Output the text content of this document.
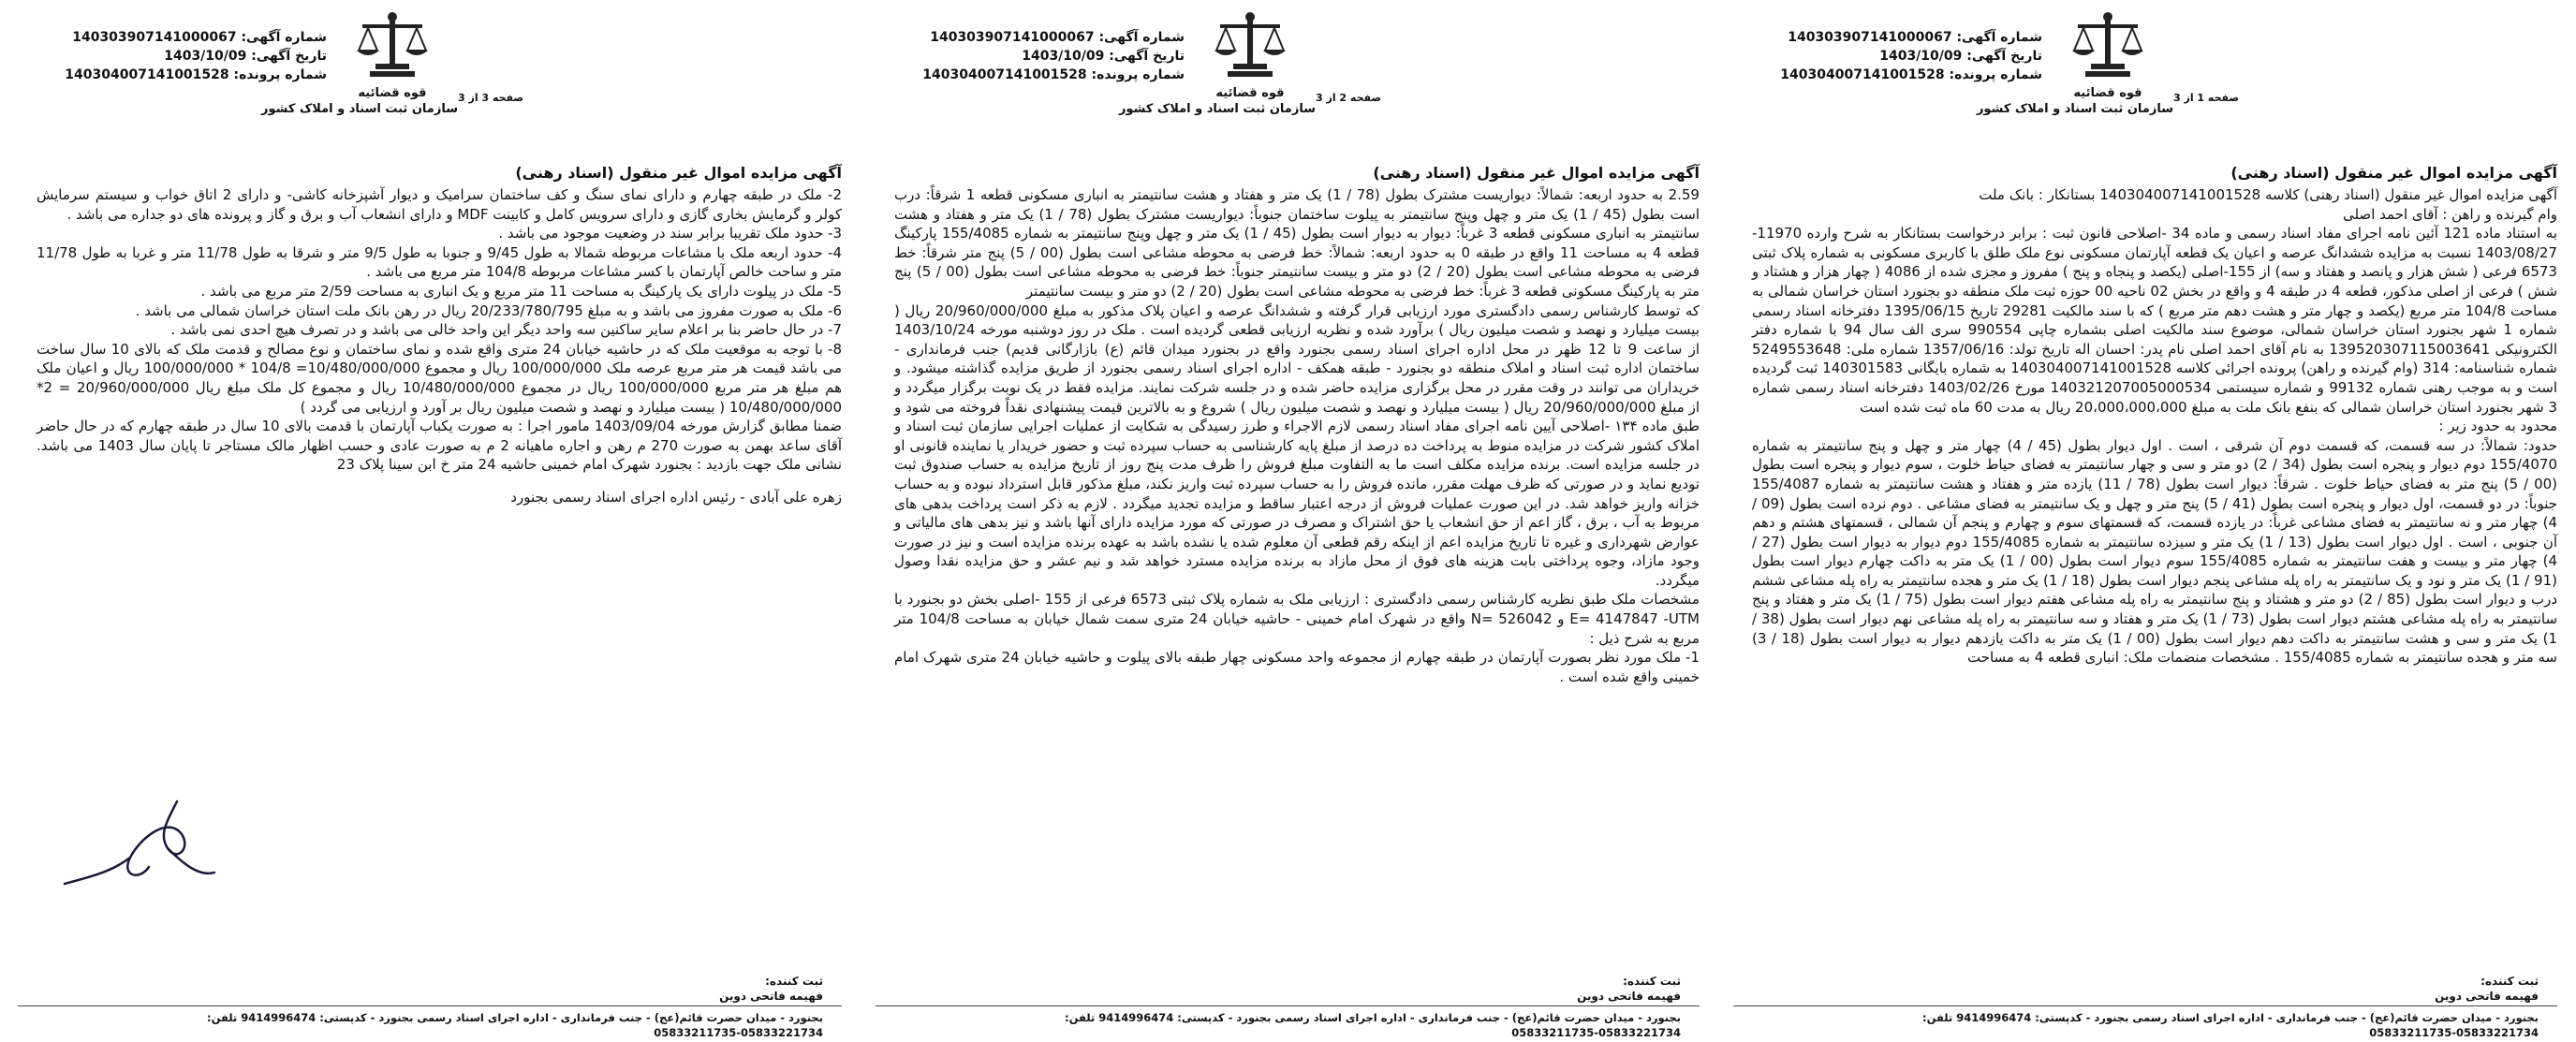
شماره آگهی: 140303907141000067
تاریخ آگهی: 1403/10/09
شماره پرونده: 140304007141001528
قوه قضائیه
سازمان ثبت اسناد و املاک کشور
صفحه 1 از 3
آگهی مزایده اموال غیر منقول (اسناد رهنی)

آگهی مزایده اموال غیر منقول (اسناد رهنی) کلاسه 140304007141001528 بستانکار : بانک ملت

وام گیرنده و راهن : آقای احمد اصلی

به استناد ماده 121 آئین نامه اجرای مفاد اسناد رسمی و ماده 34 -اصلاحی قانون ثبت : برابر درخواست بستانکار به شرح وارده 11970- 1403/08/27 نسبت به مزایده ششدانگ عرصه و اعیان یک قطعه آپارتمان مسکونی نوع ملک طلق با کاربری مسکونی به شماره پلاک ثبتی 6573 فرعی ( شش هزار و پانصد و هفتاد و سه) از 155-اصلی (یکصد و پنجاه و پنج ) مفروز و مجزی شده از 4086 ( چهار هزار و هشتاد و شش ) فرعی از اصلی مذکور، قطعه 4 در طبقه 4 و واقع در بخش 02 ناحیه 00 حوزه ثبت ملک منطقه دو بجنورد استان خراسان شمالی به مساحت 104/8 متر مربع (یکصد و چهار متر و هشت دهم متر مربع ) که با سند مالکیت 29281 تاریخ 1395/06/15 دفترخانه اسناد رسمی شماره 1 شهر بجنورد استان خراسان شمالی، موضوع سند مالکیت اصلی بشماره چاپی 990554 سری الف سال 94 با شماره دفتر الکترونیکی 139520307115003641 به نام آقای احمد اصلی نام پدر: احسان اله تاریخ تولد: 1357/06/16 شماره ملی: 5249553648 شماره شناسنامه: 314 (وام گیرنده و راهن) پرونده اجرائی کلاسه 140304007141001528 به شماره بایگانی 140301583 ثبت گردیده است و به موجب رهنی شماره 99132 و شماره سیستمی 140321207005000534 مورخ 1403/02/26 دفترخانه اسناد رسمی شماره 3 شهر بجنورد استان خراسان شمالی که بنفع بانک ملت به مبلغ 20،000،000،000 ریال به مدت 60 ماه ثبت شده است

محدود به حدود زیر :

حدود: شمالاً: در سه قسمت، که قسمت دوم آن شرقی ، است . اول دیوار بطول (45 / 4) چهار متر و چهل و پنج سانتیمتر به شماره 155/4070 دوم دیوار و پنجره است بطول (34 / 2) دو متر و سی و چهار سانتیمتر به فضای حیاط خلوت ، سوم دیوار و پنجره است بطول (00 / 5) پنج متر به فضای حیاط خلوت . شرقاً: دیوار است بطول (78 / 11) یازده متر و هفتاد و هشت سانتیمتر به شماره 155/4087 جنوباً: در دو قسمت، اول دیوار و پنجره است بطول (41 / 5) پنج متر و چهل و یک سانتیمتر به فضای مشاعی . دوم نرده است بطول (09 / 4) چهار متر و نه سانتیمتر به فضای مشاعی غرباً: در یازده قسمت، که قسمتهای سوم و چهارم و پنجم آن شمالی ، قسمتهای هشتم و دهم آن جنوبی ، است . اول دیوار است بطول (13 / 1) یک متر و سیزده سانتیمتر به شماره 155/4085 دوم دیوار به دیوار است بطول (27 / 4) چهار متر و بیست و هفت سانتیمتر به شماره 155/4085 سوم دیوار است بطول (00 / 1) یک متر به داکت چهارم دیوار است بطول (91 / 1) یک متر و نود و یک سانتیمتر به راه پله مشاعی پنجم دیوار است بطول (18 / 1) یک متر و هجده سانتیمتر به راه پله مشاعی ششم درب و دیوار است بطول (85 / 2) دو متر و هشتاد و پنج سانتیمتر به راه پله مشاعی هفتم دیوار است بطول (75 / 1) یک متر و هفتاد و پنج سانتیمتر به راه پله مشاعی هشتم دیوار است بطول (73 / 1) یک متر و هفتاد و سه سانتیمتر به راه پله مشاعی نهم دیوار است بطول (38 / 1) یک متر و سی و هشت سانتیمتر به داکت دهم دیوار است بطول (00 / 1) یک متر به داکت یازدهم دیوار به دیوار است بطول (18 / 3) سه متر و هجده سانتیمتر به شماره 155/4085 . مشخصات منضمات ملک: انباری قطعه 4 به مساحت

ثبت کننده:
فهیمه فاتحی دوین
بجنورد - میدان حضرت قائم(عج) - جنب فرمانداری - اداره اجرای اسناد رسمی بجنورد - کدپستی: 9414996474 تلفن:
05833211735-05833221734
شماره آگهی: 140303907141000067
تاریخ آگهی: 1403/10/09
شماره پرونده: 140304007141001528
قوه قضائیه
سازمان ثبت اسناد و املاک کشور
صفحه 2 از 3
آگهی مزایده اموال غیر منقول (اسناد رهنی)

2.59 به حدود اربعه: شمالاً: دیواریست مشترک بطول (78 / 1) یک متر و هفتاد و هشت سانتیمتر به انباری مسکونی قطعه 1 شرقاً: درب است بطول (45 / 1) یک متر و چهل وپنج سانتیمتر به پیلوت ساختمان جنوباً: دیواریست مشترک بطول (78 / 1) یک متر و هفتاد و هشت سانتیمتر به انباری مسکونی قطعه 3 غرباً: دیوار به دیوار است بطول (45 / 1) یک متر و چهل وپنج سانتیمتر به شماره 155/4085 پارکینگ قطعه 4 به مساحت 11 واقع در طبقه 0 به حدود اربعه: شمالاً: خط فرضی به محوطه مشاعی است بطول (00 / 5) پنج متر شرقاً: خط فرضی به محوطه مشاعی است بطول (20 / 2) دو متر و بیست سانتیمتر جنوباً: خط فرضی به محوطه مشاعی است بطول (00 / 5) پنج متر به پارکینگ مسکونی قطعه 3 غرباً: خط فرضی به محوطه مشاعی است بطول (20 / 2) دو متر و بیست سانتیمتر

که توسط کارشناس رسمی دادگستری مورد ارزیابی قرار گرفته و ششدانگ عرصه و اعیان پلاک مذکور به مبلغ 20/960/000/000 ریال ( بیست میلیارد و نهصد و شصت میلیون ریال ) برآورد شده و نظریه ارزیابی قطعی گردیده است . ملک در روز دوشنبه مورخه 1403/10/24 از ساعت 9 تا 12 ظهر در محل اداره اجرای اسناد رسمی بجنورد واقع در بجنورد میدان قائم (ع) بازارگانی قدیم) جنب فرمانداری - ساختمان اداره ثبت اسناد و املاک منطقه دو بجنورد - طبقه همکف - اداره اجرای اسناد رسمی بجنورد از طریق مزایده گذاشته میشود. و خریداران می توانند در وقت مقرر در محل برگزاری مزایده حاضر شده و در جلسه شرکت نمایند. مزایده فقط در یک نوبت برگزار میگردد و از مبلغ 20/960/000/000 ریال ( بیست میلیارد و نهصد و شصت میلیون ریال ) شروع و به بالاترین قیمت پیشنهادی نقداً فروخته می شود و طبق ماده ۱۳۴ -اصلاحی آیین نامه اجرای مفاد اسناد رسمی لازم الاجراء و طرز رسیدگی به شکایت از عملیات اجرایی سازمان ثبت اسناد و املاک کشور شرکت در مزایده منوط به پرداخت ده درصد از مبلغ پایه کارشناسی به حساب سپرده ثبت و حضور خریدار یا نماینده قانونی او در جلسه مزایده است. برنده مزایده مکلف است ما به التفاوت مبلغ فروش را ظرف مدت پنج روز از تاریخ مزایده به حساب صندوق ثبت تودیع نماید و در صورتی که ظرف مهلت مقرر، مانده فروش را به حساب سپرده ثبت واریز نکند، مبلغ مذکور قابل استرداد نبوده و به حساب خزانه واریز خواهد شد. در این صورت عملیات فروش از درجه اعتبار ساقط و مزایده تجدید میگردد . لازم به ذکر است پرداخت بدهی های مربوط به آب ، برق ، گاز اعم از حق انشعاب یا حق اشتراک و مصرف در صورتی که مورد مزایده دارای آنها باشد و نیز بدهی های مالیاتی و عوارض شهرداری و غیره تا تاریخ مزایده اعم از اینکه رقم قطعی آن معلوم شده یا نشده باشد به عهده برنده مزایده است و نیز در صورت وجود مازاد، وجوه پرداختی بابت هزینه های فوق از محل مازاد به برنده مزایده مسترد خواهد شد و نیم عشر و حق مزایده نقدا وصول میگردد.

مشخصات ملک طبق نظریه کارشناس رسمی دادگستری : ارزیابی ملک به شماره پلاک ثبتی 6573 فرعی از 155 -اصلی بخش دو بجنورد با E= 4147847 -UTM و N= 526042 واقع در شهرک امام خمینی - حاشیه خیابان 24 متری سمت شمال خیابان به مساحت 104/8 متر مربع به شرح ذیل :

1- ملک مورد نظر بصورت آپارتمان در طبقه چهارم از مجموعه واحد مسکونی چهار طبقه بالای پیلوت و حاشیه خیابان 24 متری شهرک امام خمینی واقع شده است .

ثبت کننده:
فهیمه فاتحی دوین
بجنورد - میدان حضرت قائم(عج) - جنب فرمانداری - اداره اجرای اسناد رسمی بجنورد - کدپستی: 9414996474 تلفن:
05833211735-05833221734
شماره آگهی: 140303907141000067
تاریخ آگهی: 1403/10/09
شماره پرونده: 140304007141001528
قوه قضائیه
سازمان ثبت اسناد و املاک کشور
صفحه 3 از 3
آگهی مزایده اموال غیر منقول (اسناد رهنی)

2- ملک در طبقه چهارم و دارای نمای سنگ و کف ساختمان سرامیک و دیوار آشپزخانه کاشی- و دارای 2 اتاق خواب و سیستم سرمایش کولر و گرمایش بخاری گازی و دارای سرویس کامل و کابینت MDF و دارای انشعاب آب و برق و گاز و پرونده های دو جداره می باشد .

3- حدود ملک تقریبا برابر سند در وضعیت موجود می باشد .

4- حدود اربعه ملک با مشاعات مربوطه شمالا به طول 9/45 و جنوبا به طول 9/5 متر و شرقا به طول 11/78 متر و غربا به طول 11/78 متر و ساحت خالص آپارتمان با کسر مشاعات مربوطه 104/8 متر مربع می باشد .

5- ملک در پیلوت دارای یک پارکینگ به مساحت 11 متر مربع و یک انباری به مساحت 2/59 متر مربع می باشد .

6- ملک به صورت مفروز می باشد و به مبلغ 20/233/780/795 ریال در رهن بانک ملت استان خراسان شمالی می باشد .

7- در حال حاضر بنا بر اعلام سایر ساکنین سه واحد دیگر این واحد خالی می باشد و در تصرف هیچ احدی نمی باشد .

8- با توجه به موقعیت ملک که در حاشیه خیابان 24 متری واقع شده و نمای ساختمان و نوع مصالح و قدمت ملک که بالای 10 سال ساخت می باشد قیمت هر متر مربع عرصه ملک 100/000/000 ریال و مجموع 10/480/000/000= 104/8 * 100/000/000 ریال و اعیان ملک هم مبلغ هر متر مربع 100/000/000 ریال در مجموع 10/480/000/000 ریال و مجموع کل ملک مبلغ ریال 20/960/000/000 = 2* 10/480/000/000 ( بیست میلیارد و نهصد و شصت میلیون ریال بر آورد و ارزیابی می گردد )

ضمنا مطابق گزارش مورخه 1403/09/04 مامور اجرا : به صورت یکباب آپارتمان با قدمت بالای 10 سال در طبقه چهارم که در حال حاضر آقای ساعد بهمن به صورت 270 م رهن و اجاره ماهیانه 2 م به صورت عادی و حسب اظهار مالک مستاجر تا پایان سال 1403 می باشد. نشانی ملک جهت بازدید : بجنورد شهرک امام خمینی حاشیه 24 متر خ ابن سینا پلاک 23

زهره علی آبادی - رئیس اداره اجرای اسناد رسمی بجنورد

ثبت کننده:
فهیمه فاتحی دوین
بجنورد - میدان حضرت قائم(عج) - جنب فرمانداری - اداره اجرای اسناد رسمی بجنورد - کدپستی: 9414996474 تلفن:
05833211735-05833221734
